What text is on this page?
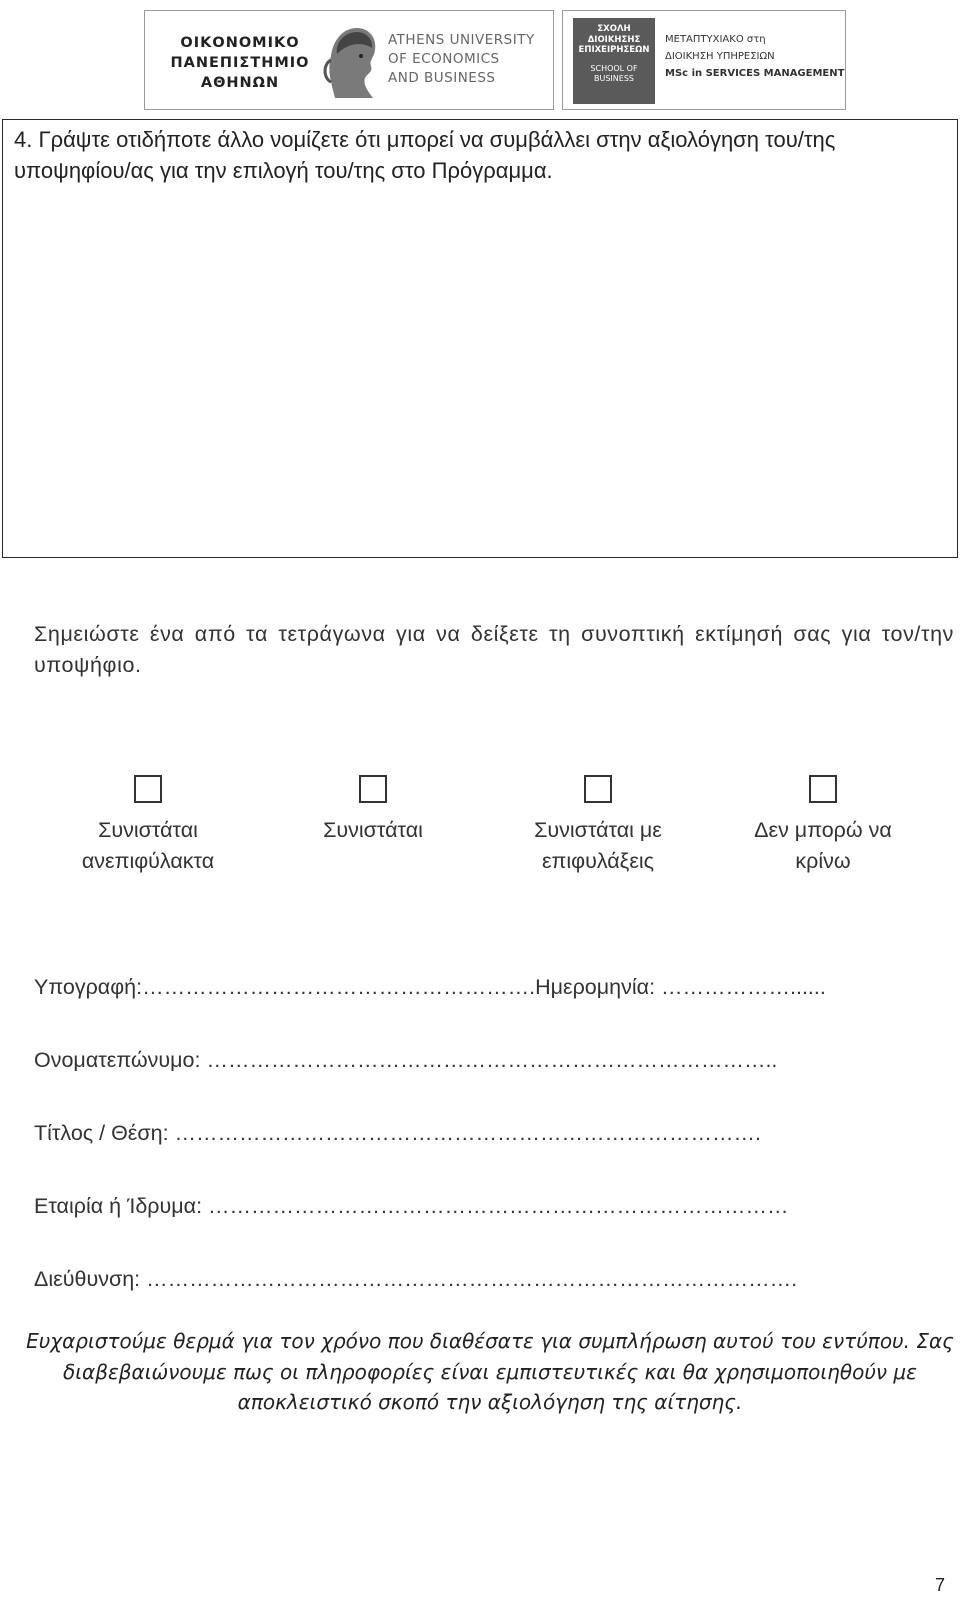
ΟΙΚΟΝΟΜΙΚΟ
ΠΑΝΕΠΙΣΤΗΜΙΟ
ΑΘΗΝΩΝ
ATHENS UNIVERSITY
OF ECONOMICS
AND BUSINESS
ΣΧΟΛΗ
ΔΙΟΙΚΗΣΗΣ
ΕΠΙΧΕΙΡΗΣΕΩΝ
SCHOOL OF
BUSINESS
ΜΕΤΑΠΤΥΧΙΑΚΟ στη
ΔΙΟΙΚΗΣΗ ΥΠΗΡΕΣΙΩΝ
MSc in SERVICES MANAGEMENT

4. Γράψτε οτιδήποτε άλλο νομίζετε ότι μπορεί να συμβάλλει στην αξιολόγηση του/της υποψηφίου/ας για την επιλογή του/της στο Πρόγραμμα.

Σημειώστε ένα από τα τετράγωνα για να δείξετε τη συνοπτική εκτίμησή σας για τον/την υποψήφιο.

Συνιστάται
ανεπιφύλακτα
Συνιστάται	Συνιστάται με
επιφυλάξεις
Δεν μπορώ να
κρίνω
Υπογραφή:……………………………………………….Ημερομηνία: ………………......
Ονοματεπώνυμο: ……………………………………………………………………..
Τίτλος / Θέση: ……………………………………………………………………….
Εταιρία ή Ίδρυμα: ………………………………………………………………………
Διεύθυνση: ……………………………………………………………………………….

Ευχαριστούμε θερμά για τον χρόνο που διαθέσατε για συμπλήρωση αυτού του εντύπου. Σας διαβεβαιώνουμε πως οι πληροφορίες είναι εμπιστευτικές και θα χρησιμοποιηθούν με αποκλειστικό σκοπό την αξιολόγηση της αίτησης.

7
